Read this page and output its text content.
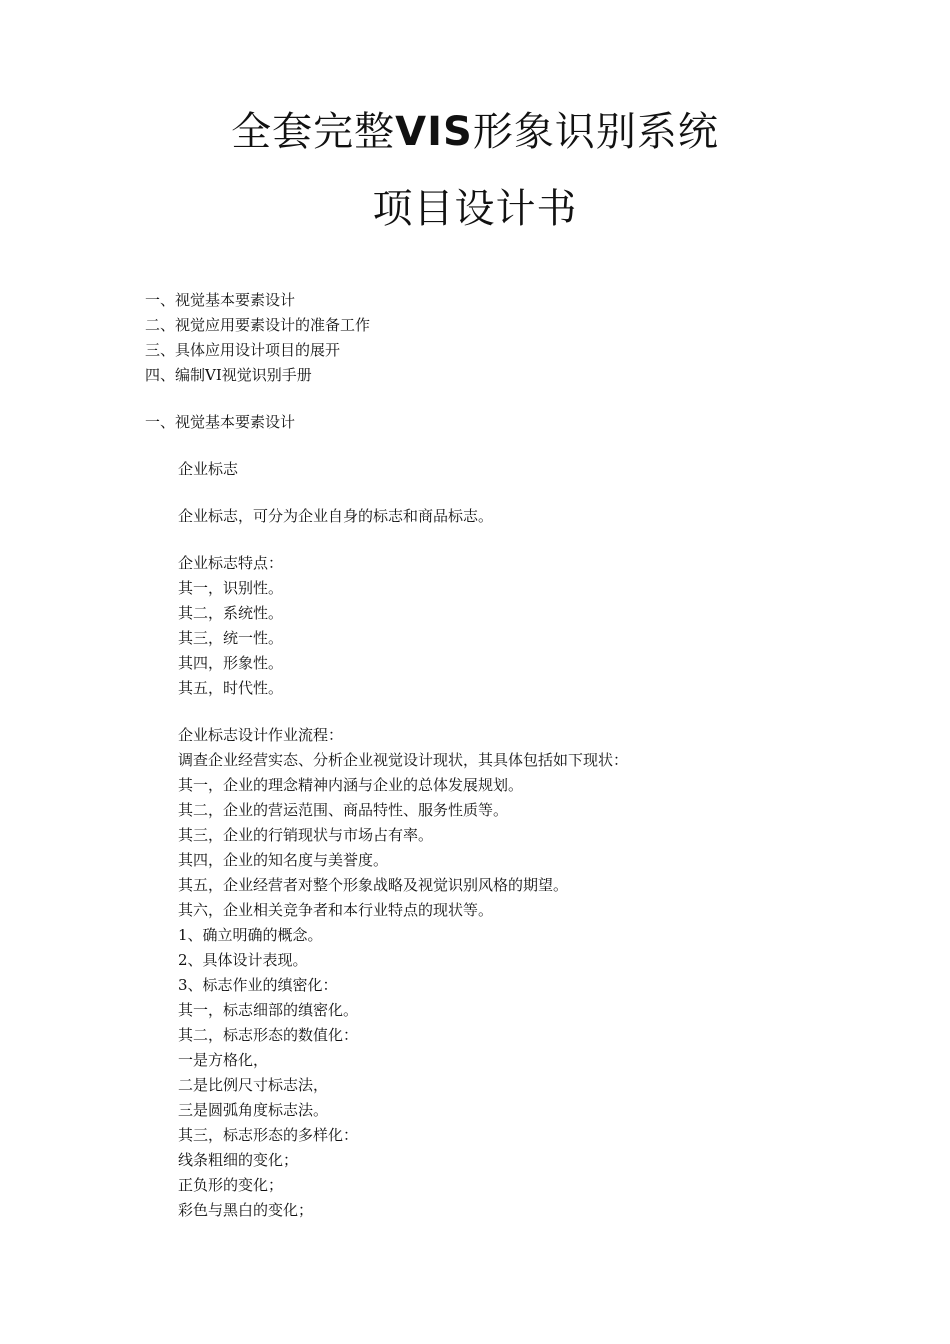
全套完整VIS形象识别系统
项目设计书
一、视觉基本要素设计
二、视觉应用要素设计的准备工作
三、具体应用设计项目的展开
四、编制VI视觉识别手册
一、视觉基本要素设计
企业标志
企业标志，可分为企业自身的标志和商品标志。
企业标志特点：
其一，识别性。
其二，系统性。
其三，统一性。
其四，形象性。
其五，时代性。
企业标志设计作业流程：
调查企业经营实态、分析企业视觉设计现状，其具体包括如下现状：
其一，企业的理念精神内涵与企业的总体发展规划。
其二，企业的营运范围、商品特性、服务性质等。
其三，企业的行销现状与市场占有率。
其四，企业的知名度与美誉度。
其五，企业经营者对整个形象战略及视觉识别风格的期望。
其六，企业相关竞争者和本行业特点的现状等。
1、确立明确的概念。
2、具体设计表现。
3、标志作业的缜密化：
其一，标志细部的缜密化。
其二，标志形态的数值化：
一是方格化，
二是比例尺寸标志法，
三是圆弧角度标志法。
其三，标志形态的多样化：
线条粗细的变化；
正负形的变化；
彩色与黑白的变化；
